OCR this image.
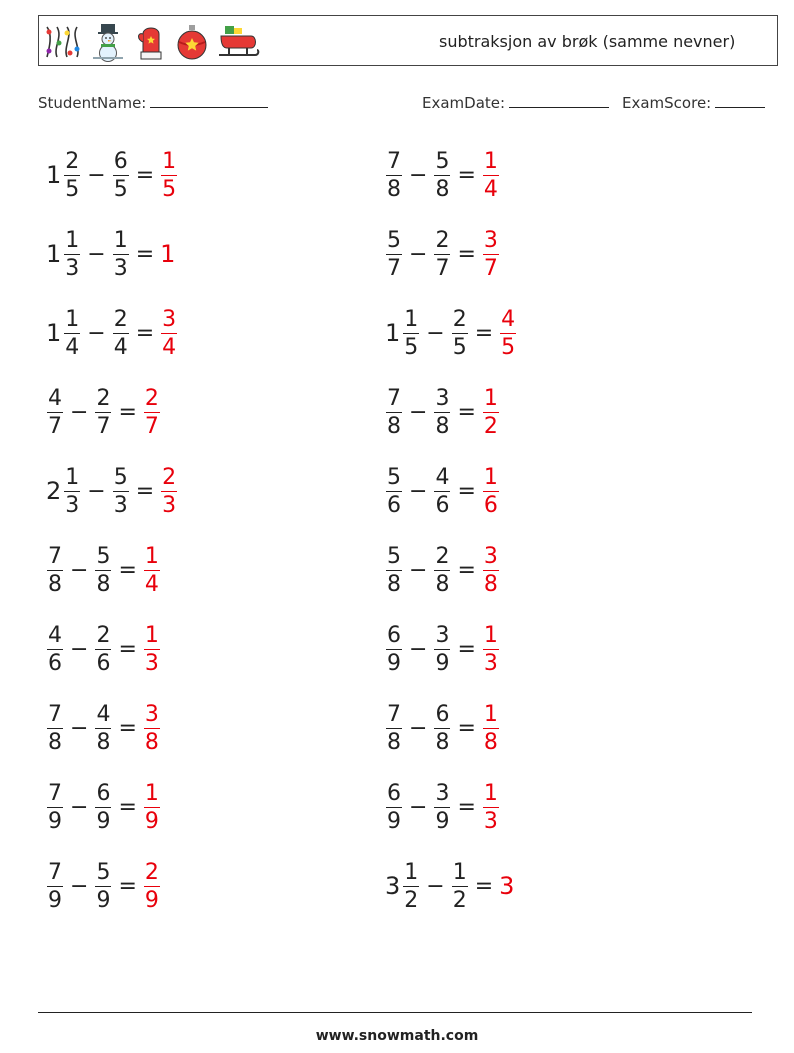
subtraksjon av brøk (samme nevner)
StudentName:	ExamDate:	ExamScore:
$1 \frac{2}{5} - \frac{6}{5} = \frac{1}{5}$	$\frac{7}{8} - \frac{5}{8} = \frac{1}{4}$
$1 \frac{1}{3} - \frac{1}{3} = 1$	$\frac{5}{7} - \frac{2}{7} = \frac{3}{7}$
$1 \frac{1}{4} - \frac{2}{4} = \frac{3}{4}$	$1 \frac{1}{5} - \frac{2}{5} = \frac{4}{5}$
$\frac{4}{7} - \frac{2}{7} = \frac{2}{7}$	$\frac{7}{8} - \frac{3}{8} = \frac{1}{2}$
$2 \frac{1}{3} - \frac{5}{3} = \frac{2}{3}$	$\frac{5}{6} - \frac{4}{6} = \frac{1}{6}$
$\frac{7}{8} - \frac{5}{8} = \frac{1}{4}$	$\frac{5}{8} - \frac{2}{8} = \frac{3}{8}$
$\frac{4}{6} - \frac{2}{6} = \frac{1}{3}$	$\frac{6}{9} - \frac{3}{9} = \frac{1}{3}$
$\frac{7}{8} - \frac{4}{8} = \frac{3}{8}$	$\frac{7}{8} - \frac{6}{8} = \frac{1}{8}$
$\frac{7}{9} - \frac{6}{9} = \frac{1}{9}$	$\frac{6}{9} - \frac{3}{9} = \frac{1}{3}$
$\frac{7}{9} - \frac{5}{9} = \frac{2}{9}$	$3 \frac{1}{2} - \frac{1}{2} = 3$
www.snowmath.com
